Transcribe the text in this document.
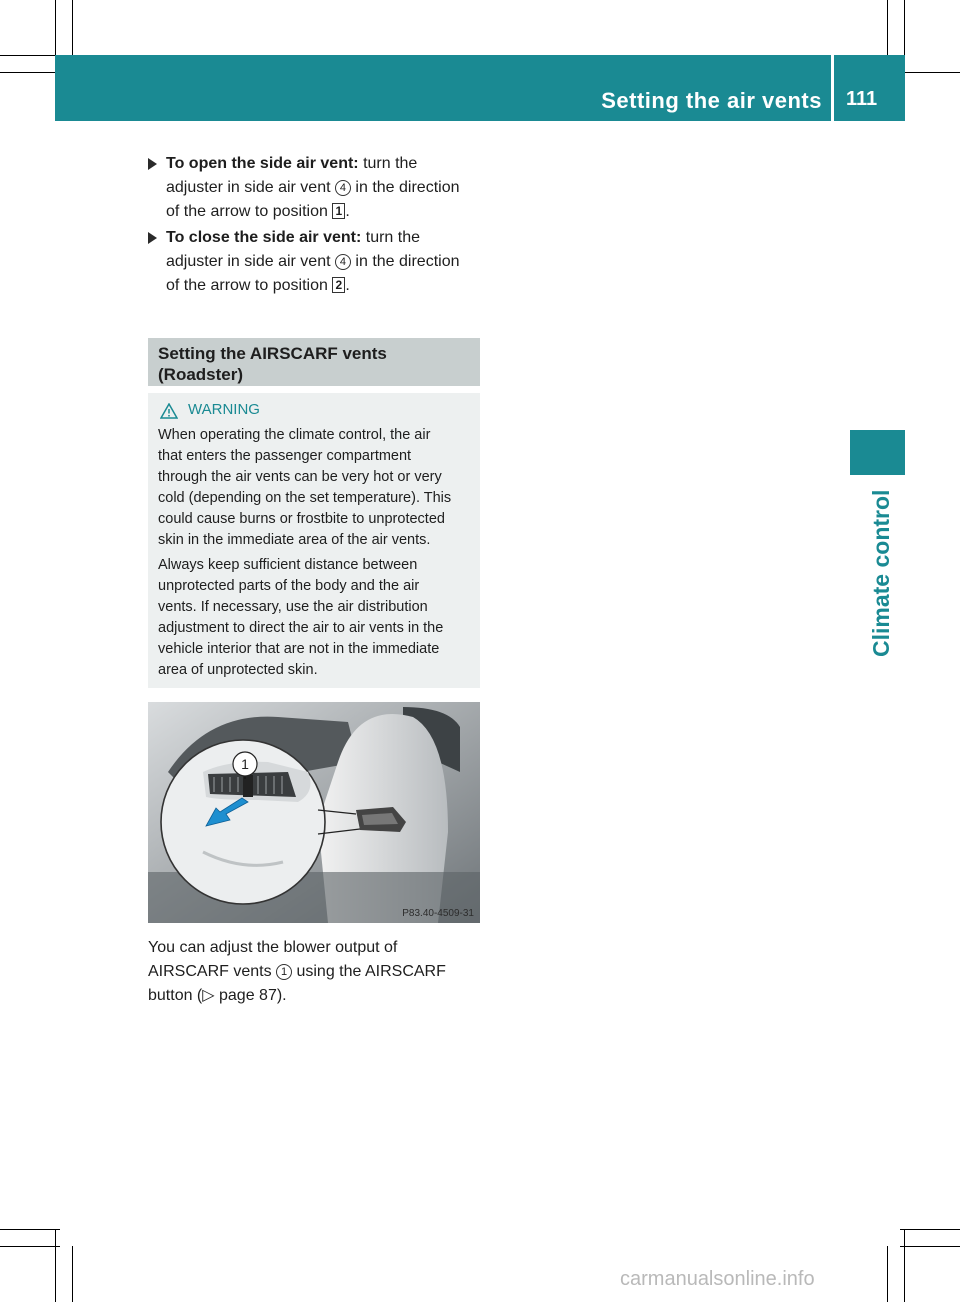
Setting the air vents 111
Climate control
To open the side air vent: turn the
adjuster in side air vent 4 in the direction
of the arrow to position 1 .
To close the side air vent: turn the
adjuster in side air vent 4 in the direction
of the arrow to position 2 .
Setting the AIRSCARF vents
(Roadster)
WARNING

When operating the climate control, the air
that enters the passenger compartment
through the air vents can be very hot or very
cold (depending on the set temperature). This
could cause burns or frostbite to unprotected
skin in the immediate area of the air vents.

Always keep sufficient distance between
unprotected parts of the body and the air
vents. If necessary, use the air distribution
adjustment to direct the air to air vents in the
vehicle interior that are not in the immediate
area of unprotected skin.

1
P83.40-4509-31
You can adjust the blower output of
AIRSCARF vents 1 using the AIRSCARF
button (▷ page 87).
carmanualsonline.info
